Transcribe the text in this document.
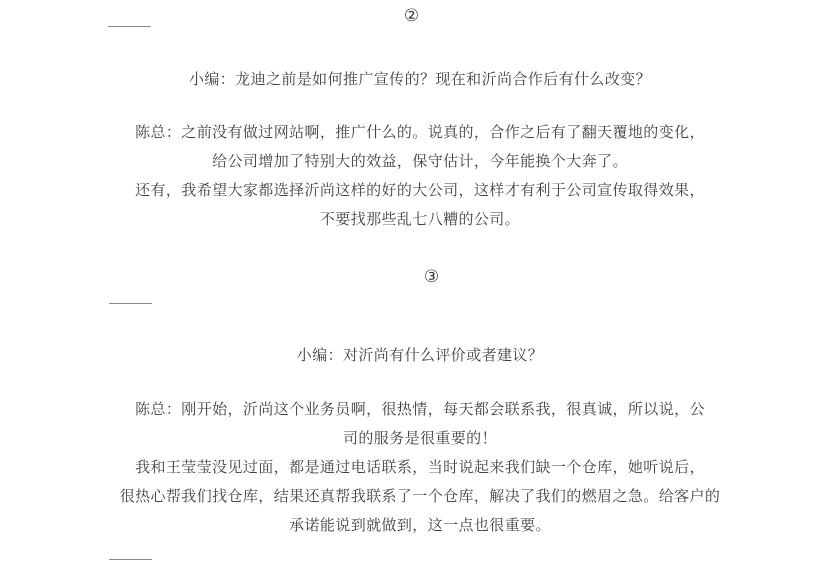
②
小编：龙迪之前是如何推广宣传的？现在和沂尚合作后有什么改变？
陈总：之前没有做过网站啊，推广什么的。说真的，合作之后有了翻天覆地的变化，
给公司增加了特别大的效益，保守估计，今年能换个大奔了。
还有，我希望大家都选择沂尚这样的好的大公司，这样才有利于公司宣传取得效果，
不要找那些乱七八糟的公司。
③
小编：对沂尚有什么评价或者建议？
陈总：刚开始，沂尚这个业务员啊，很热情，每天都会联系我，很真诚，所以说，公
司的服务是很重要的！
我和王莹莹没见过面，都是通过电话联系，当时说起来我们缺一个仓库，她听说后，
很热心帮我们找仓库，结果还真帮我联系了一个仓库，解决了我们的燃眉之急。给客户的
承诺能说到就做到，这一点也很重要。
